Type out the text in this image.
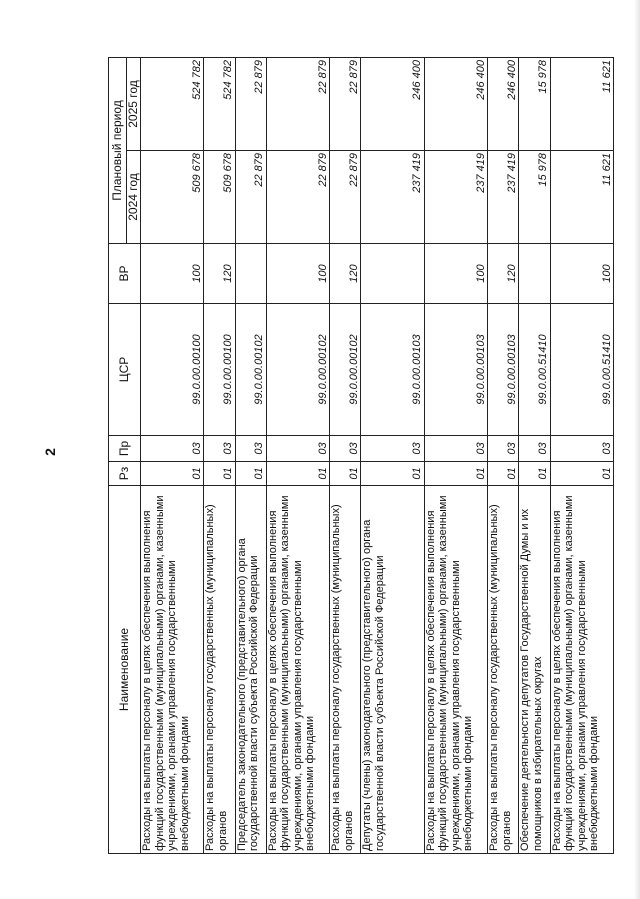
2
Наименование	Рз	Пр	ЦСР	ВР	Плановый период	
					2024 год	2025 год
Расходы на выплаты персоналу в целях обеспечения выполнения функций государственными (муниципальными) органами, казенными учреждениями, органами управления государственными внебюджетными фондами	01	03	99.0.00.00100	100	509 678	524 782
Расходы на выплаты персоналу государственных (муниципальных) органов	01	03	99.0.00.00100	120	509 678	524 782
Председатель законодательного (представительного) органа государственной власти субъекта Российской Федерации	01	03	99.0.00.00102		22 879	22 879
Расходы на выплаты персоналу в целях обеспечения выполнения функций государственными (муниципальными) органами, казенными учреждениями, органами управления государственными внебюджетными фондами	01	03	99.0.00.00102	100	22 879	22 879
Расходы на выплаты персоналу государственных (муниципальных) органов	01	03	99.0.00.00102	120	22 879	22 879
Депутаты (члены) законодательного (представительного) органа государственной власти субъекта Российской Федерации	01	03	99.0.00.00103		237 419	246 400
Расходы на выплаты персоналу в целях обеспечения выполнения функций государственными (муниципальными) органами, казенными учреждениями, органами управления государственными внебюджетными фондами	01	03	99.0.00.00103	100	237 419	246 400
Расходы на выплаты персоналу государственных (муниципальных) органов	01	03	99.0.00.00103	120	237 419	246 400
Обеспечение деятельности депутатов Государственной Думы и их помощников в избирательных округах	01	03	99.0.00.51410		15 978	15 978
Расходы на выплаты персоналу в целях обеспечения выполнения функций государственными (муниципальными) органами, казенными учреждениями, органами управления государственными внебюджетными фондами	01	03	99.0.00.51410	100	11 621	11 621
